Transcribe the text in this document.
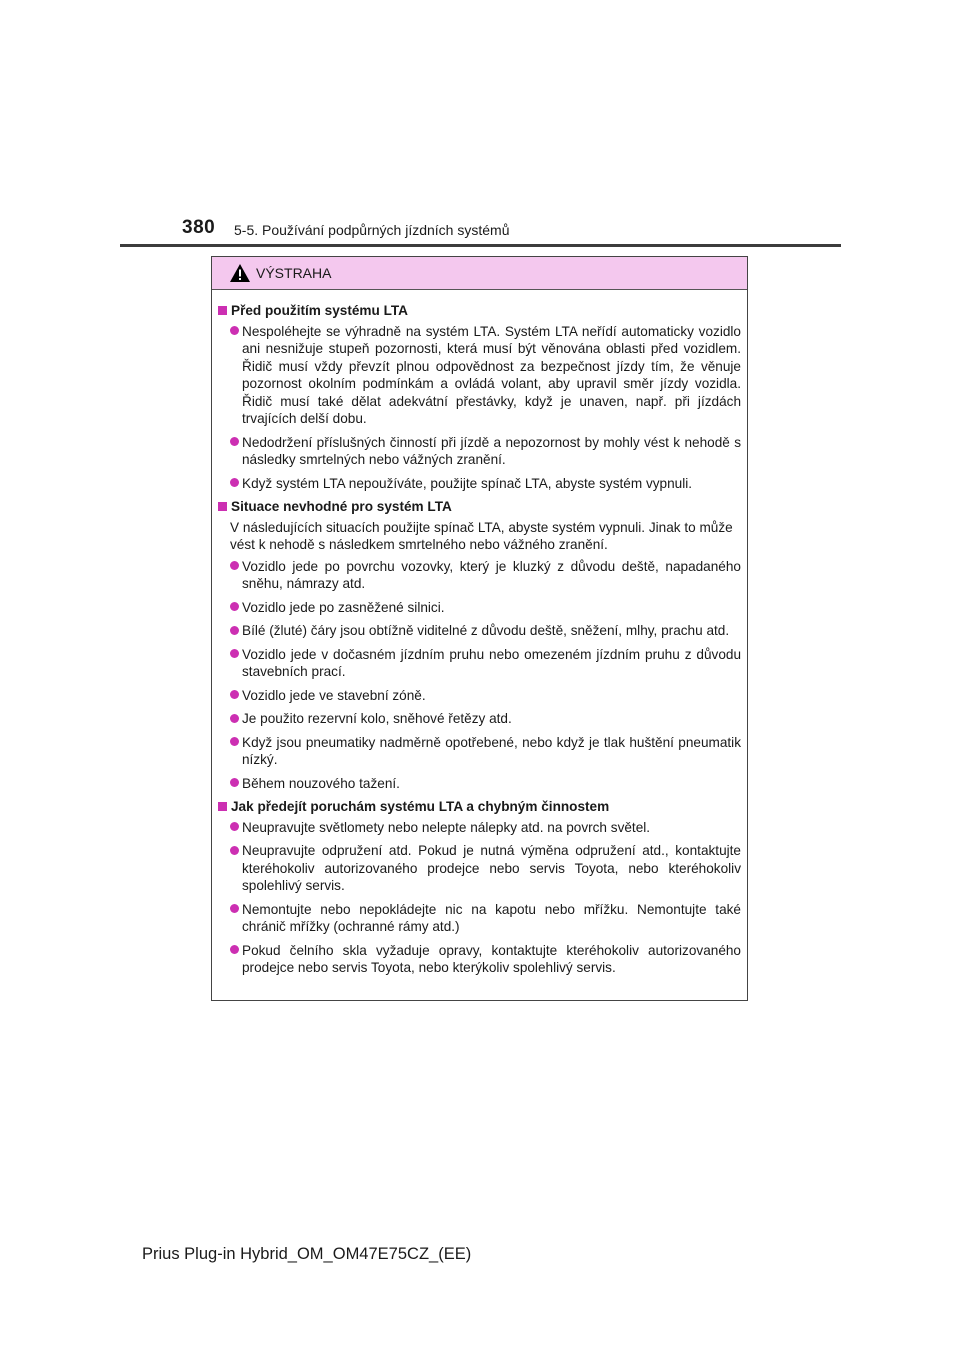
380 5-5. Používání podpůrných jízdních systémů
VÝSTRAHA
Před použitím systému LTA
Nespoléhejte se výhradně na systém LTA. Systém LTA neřídí automaticky vozidlo ani nesnižuje stupeň pozornosti, která musí být věnována oblasti před vozidlem. Řidič musí vždy převzít plnou odpovědnost za bezpečnost jízdy tím, že věnuje pozornost okolním podmínkám a ovládá volant, aby upravil směr jízdy vozidla. Řidič musí také dělat adekvátní přestávky, když je unaven, např. při jízdách trvajících delší dobu.
Nedodržení příslušných činností při jízdě a nepozornost by mohly vést k nehodě s následky smrtelných nebo vážných zranění.
Když systém LTA nepoužíváte, použijte spínač LTA, abyste systém vypnuli.
Situace nevhodné pro systém LTA
V následujících situacích použijte spínač LTA, abyste systém vypnuli. Jinak to může vést k nehodě s následkem smrtelného nebo vážného zranění.
Vozidlo jede po povrchu vozovky, který je kluzký z důvodu deště, napadaného sněhu, námrazy atd.
Vozidlo jede po zasněžené silnici.
Bílé (žluté) čáry jsou obtížně viditelné z důvodu deště, sněžení, mlhy, prachu atd.
Vozidlo jede v dočasném jízdním pruhu nebo omezeném jízdním pruhu z důvodu stavebních prací.
Vozidlo jede ve stavební zóně.
Je použito rezervní kolo, sněhové řetězy atd.
Když jsou pneumatiky nadměrně opotřebené, nebo když je tlak huštění pneumatik nízký.
Během nouzového tažení.
Jak předejít poruchám systému LTA a chybným činnostem
Neupravujte světlomety nebo nelepte nálepky atd. na povrch světel.
Neupravujte odpružení atd. Pokud je nutná výměna odpružení atd., kontaktujte kteréhokoliv autorizovaného prodejce nebo servis Toyota, nebo kteréhokoliv spolehlivý servis.
Nemontujte nebo nepokládejte nic na kapotu nebo mřížku. Nemontujte také chránič mřížky (ochranné rámy atd.)
Pokud čelního skla vyžaduje opravy, kontaktujte kteréhokoliv autorizovaného prodejce nebo servis Toyota, nebo kterýkoliv spolehlivý servis.
Prius Plug-in Hybrid_OM_OM47E75CZ_(EE)
